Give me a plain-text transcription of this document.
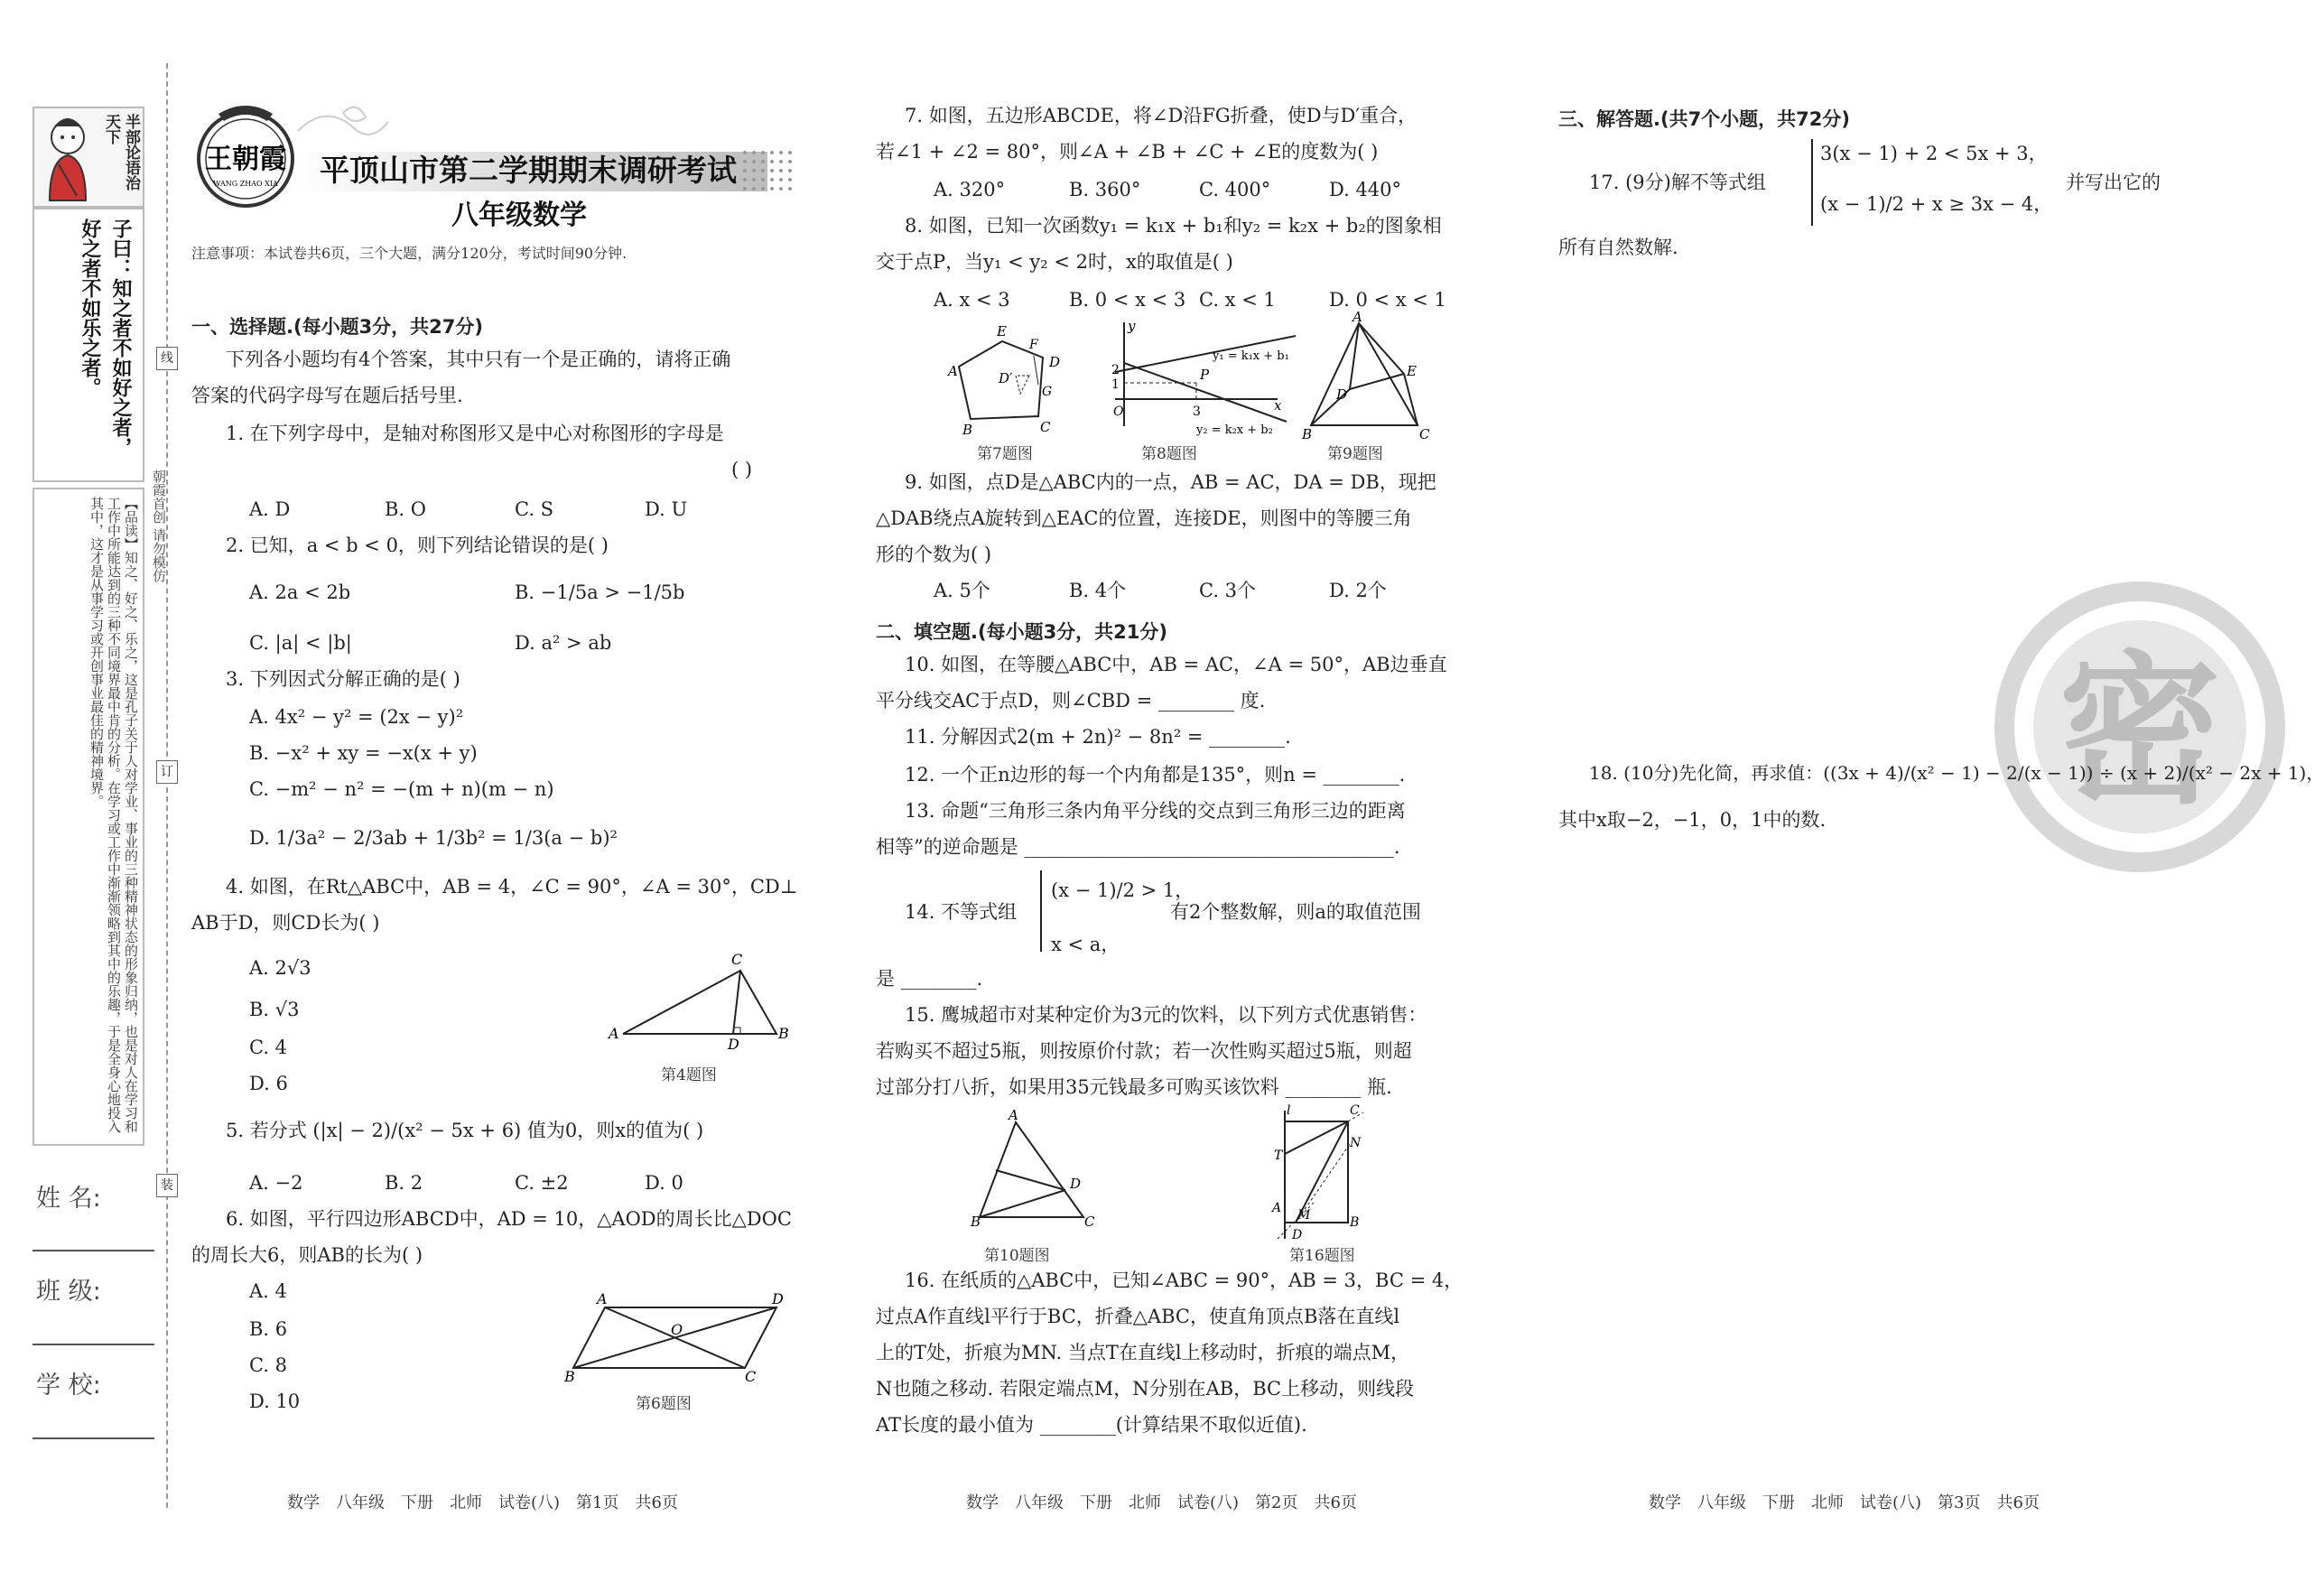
半部论语治天下
子曰：知之者不如好之者，好之者不如乐之者。
【品读】知之、好之、乐之，这是孔子关于人对学业、事业的三种精神状态的形象归纳，也是对人在学习和工作中所能达到的三种不同境界最中肯的分析。在学习或工作中渐渐领略到其中的乐趣，于是全身心地投入其中，这才是从事学习或开创事业最佳的精神境界。	朝霞首创 请勿模仿
线
订
装
姓 名:
班 级:
学 校:
王朝霞
WANG ZHAO XIA 平顶山市第二学期期末调研考试
八年级数学
注意事项：本试卷共6页，三个大题，满分120分，考试时间90分钟.
一、选择题.(每小题3分，共27分)
下列各小题均有4个答案，其中只有一个是正确的，请将正确
答案的代码字母写在题后括号里.
1. 在下列字母中，是轴对称图形又是中心对称图形的字母是
( )
A. D	B. O	C. S	D. U
2. 已知，a < b < 0，则下列结论错误的是( )
A. 2a < 2b	B. −1/5a > −1/5b
C. |a| < |b|	D. a² > ab
3. 下列因式分解正确的是( )
A. 4x² − y² = (2x − y)²
B. −x² + xy = −x(x + y)
C. −m² − n² = −(m + n)(m − n)
D. 1/3a² − 2/3ab + 1/3b² = 1/3(a − b)²
4. 如图，在Rt△ABC中，AB = 4，∠C = 90°，∠A = 30°，CD⊥
AB于D，则CD长为( )
A. 2√3
B. √3
C. 4
D. 6
A
C
D
B
第4题图
5. 若分式 (|x| − 2)/(x² − 5x + 6) 值为0，则x的值为( )
A. −2	B. 2	C. ±2	D. 0
6. 如图，平行四边形ABCD中，AD = 10，△AOD的周长比△DOC
的周长大6，则AB的长为( )
A. 4
B. 6
C. 8
D. 10
A	D
O
B	C
第6题图
数学　八年级　下册　北师　试卷(八)　第1页　共6页
7. 如图，五边形ABCDE，将∠D沿FG折叠，使D与D′重合，
若∠1 + ∠2 = 80°，则∠A + ∠B + ∠C + ∠E的度数为( )
A. 320°	B. 360°	C. 400°	D. 440°
8. 如图，已知一次函数y₁ = k₁x + b₁和y₂ = k₂x + b₂的图象相
交于点P，当y₁ < y₂ < 2时，x的取值是( )
A. x < 3	B. 0 < x < 3 C. x < 1	D. 0 < x < 1
E
D
F
A	D′
G
B	C
y
x
2
1
O	3
P
y₁ = k₁x + b₁
y₂ = k₂x + b₂
A
E
D
B	C
第7题图	第8题图	第9题图
9. 如图，点D是△ABC内的一点，AB = AC，DA = DB，现把
△DAB绕点A旋转到△EAC的位置，连接DE，则图中的等腰三角
形的个数为( )
A. 5个	B. 4个	C. 3个	D. 2个
二、填空题.(每小题3分，共21分)
10. 如图，在等腰△ABC中，AB = AC，∠A = 50°，AB边垂直
平分线交AC于点D，则∠CBD = ________ 度.
11. 分解因式2(m + 2n)² − 8n² = ________.
12. 一个正n边形的每一个内角都是135°，则n = ________.
13. 命题“三角形三条内角平分线的交点到三角形三边的距离
相等”的逆命题是 _______________________________________.
14. 不等式组
(x − 1)/2 > 1，
x < a，
有2个整数解，则a的取值范围
是 ________.
15. 鹰城超市对某种定价为3元的饮料，以下列方式优惠销售：
若购买不超过5瓶，则按原价付款；若一次性购买超过5瓶，则超
过部分打八折，如果用35元钱最多可购买该饮料 ________ 瓶.
A
B
D
C
l	C
T
N
A M	B
D
第10题图	第16题图
16. 在纸质的△ABC中，已知∠ABC = 90°，AB = 3，BC = 4，
过点A作直线l平行于BC，折叠△ABC，使直角顶点B落在直线l
上的T处，折痕为MN. 当点T在直线l上移动时，折痕的端点M，
N也随之移动. 若限定端点M，N分别在AB，BC上移动，则线段
AT长度的最小值为 ________(计算结果不取似近值).
数学　八年级　下册　北师　试卷(八)　第2页　共6页
三、解答题.(共7个小题，共72分)
17. (9分)解不等式组
3(x − 1) + 2 < 5x + 3，
(x − 1)/2 + x ≥ 3x − 4，
并写出它的
所有自然数解.
密
18. (10分)先化简，再求值：((3x + 4)/(x² − 1) − 2/(x − 1)) ÷ (x + 2)/(x² − 2x + 1)，
其中x取−2，−1，0，1中的数.
数学　八年级　下册　北师　试卷(八)　第3页　共6页
